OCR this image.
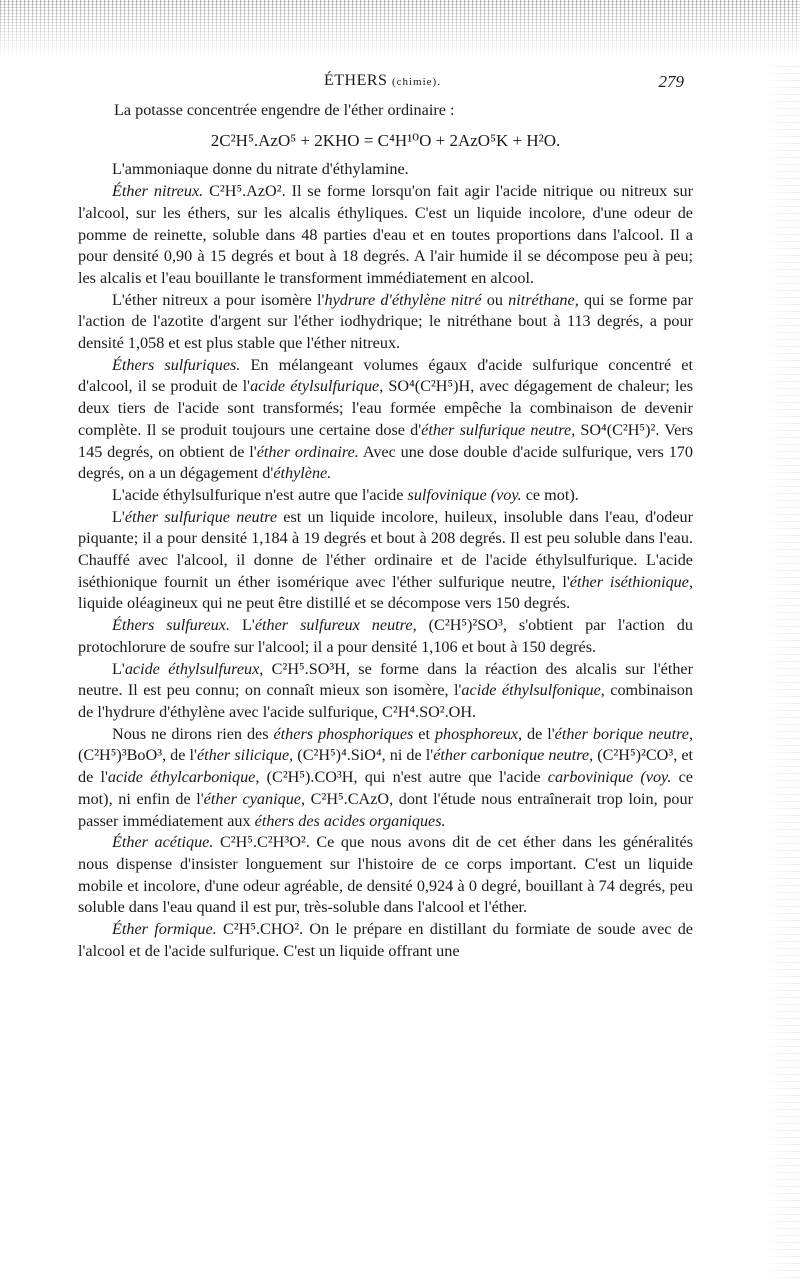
ÉTHERS (chimie).	279

La potasse concentrée engendre de l'éther ordinaire :

2C²H⁵.AzO⁵ + 2KHO = C⁴H¹⁰O + 2AzO⁵K + H²O.

L'ammoniaque donne du nitrate d'éthylamine.

Éther nitreux. C²H⁵.AzO². Il se forme lorsqu'on fait agir l'acide nitrique ou nitreux sur l'alcool, sur les éthers, sur les alcalis éthyliques. C'est un liquide incolore, d'une odeur de pomme de reinette, soluble dans 48 parties d'eau et en toutes proportions dans l'alcool. Il a pour densité 0,90 à 15 degrés et bout à 18 degrés. A l'air humide il se décompose peu à peu; les alcalis et l'eau bouillante le transforment immédiatement en alcool.

L'éther nitreux a pour isomère l'hydrure d'éthylène nitré ou nitréthane, qui se forme par l'action de l'azotite d'argent sur l'éther iodhydrique; le nitréthane bout à 113 degrés, a pour densité 1,058 et est plus stable que l'éther nitreux.

Éthers sulfuriques. En mélangeant volumes égaux d'acide sulfurique concentré et d'alcool, il se produit de l'acide étylsulfurique, SO⁴(C²H⁵)H, avec dégagement de chaleur; les deux tiers de l'acide sont transformés; l'eau formée empêche la combinaison de devenir complète. Il se produit toujours une certaine dose d'éther sulfurique neutre, SO⁴(C²H⁵)². Vers 145 degrés, on obtient de l'éther ordinaire. Avec une dose double d'acide sulfurique, vers 170 degrés, on a un dégagement d'éthylène.

L'acide éthylsulfurique n'est autre que l'acide sulfovinique (voy. ce mot).

L'éther sulfurique neutre est un liquide incolore, huileux, insoluble dans l'eau, d'odeur piquante; il a pour densité 1,184 à 19 degrés et bout à 208 degrés. Il est peu soluble dans l'eau. Chauffé avec l'alcool, il donne de l'éther ordinaire et de l'acide éthylsulfurique. L'acide iséthionique fournit un éther isomérique avec l'éther sulfurique neutre, l'éther iséthionique, liquide oléagineux qui ne peut être distillé et se décompose vers 150 degrés.

Éthers sulfureux. L'éther sulfureux neutre, (C²H⁵)²SO³, s'obtient par l'action du protochlorure de soufre sur l'alcool; il a pour densité 1,106 et bout à 150 degrés.

L'acide éthylsulfureux, C²H⁵.SO³H, se forme dans la réaction des alcalis sur l'éther neutre. Il est peu connu; on connaît mieux son isomère, l'acide éthylsulfonique, combinaison de l'hydrure d'éthylène avec l'acide sulfurique, C²H⁴.SO².OH.

Nous ne dirons rien des éthers phosphoriques et phosphoreux, de l'éther borique neutre, (C²H⁵)³BoO³, de l'éther silicique, (C²H⁵)⁴.SiO⁴, ni de l'éther carbonique neutre, (C²H⁵)²CO³, et de l'acide éthylcarbonique, (C²H⁵).CO³H, qui n'est autre que l'acide carbovinique (voy. ce mot), ni enfin de l'éther cyanique, C²H⁵.CAzO, dont l'étude nous entraînerait trop loin, pour passer immédiatement aux éthers des acides organiques.

Éther acétique. C²H⁵.C²H³O². Ce que nous avons dit de cet éther dans les généralités nous dispense d'insister longuement sur l'histoire de ce corps important. C'est un liquide mobile et incolore, d'une odeur agréable, de densité 0,924 à 0 degré, bouillant à 74 degrés, peu soluble dans l'eau quand il est pur, très-soluble dans l'alcool et l'éther.

Éther formique. C²H⁵.CHO². On le prépare en distillant du formiate de soude avec de l'alcool et de l'acide sulfurique. C'est un liquide offrant une
